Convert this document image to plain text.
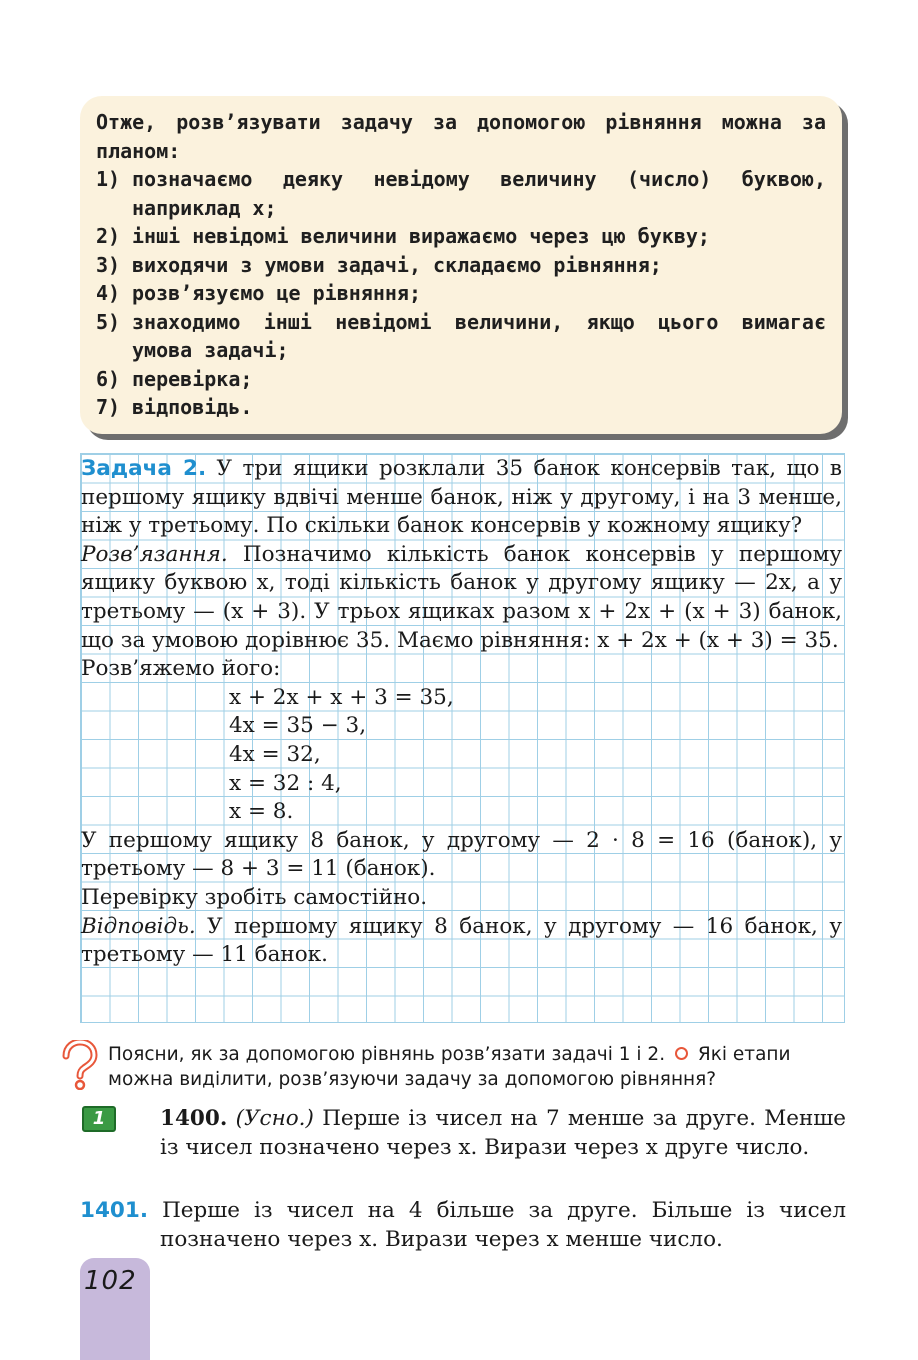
Отже, розв’язувати задачу за допомогою рівняння можна за планом:

1) позначаємо деяку невідому величину (число) буквою, наприклад x;
2) інші невідомі величини виражаємо через цю букву;
3) виходячи з умови задачі, складаємо рівняння;
4) розв’язуємо це рівняння;
5) знаходимо інші невідомі величини, якщо цього вимагає умова задачі;
6) перевірка;
7) відповідь.

Задача 2. У три ящики розклали 35 банок консервів так, що в першому ящику вдвічі менше банок, ніж у другому, і на 3 менше, ніж у третьому. По скільки банок консервів у кожному ящику?

Розв’язання. Позначимо кількість банок консервів у першому ящику буквою x, тоді кількість банок у другому ящику — 2x, а у третьому — (x + 3). У трьох ящиках разом x + 2x + (x + 3) банок, що за умовою дорівнює 35. Маємо рівняння: x + 2x + (x + 3) = 35.

Розв’яжемо його:

x + 2x + x + 3 = 35,

4x = 35 − 3,

4x = 32,

x = 32 : 4,

x = 8.

У першому ящику 8 банок, у другому — 2 · 8 = 16 (банок), у третьому — 8 + 3 = 11 (банок).

Перевірку зробіть самостійно.

Відповідь. У першому ящику 8 банок, у другому — 16 банок, у третьому — 11 банок.

Поясни, як за допомогою рівнянь розв’язати задачі 1 і 2. Які етапи можна виділити, розв’язуючи задачу за допомогою рівняння?
1	1400. (Усно.) Перше із чисел на 7 менше за друге. Менше із чисел позначено через x. Вирази через x друге число.
1401. Перше із чисел на 4 більше за друге. Більше із чисел позначено через x. Вирази через x менше число.
102
